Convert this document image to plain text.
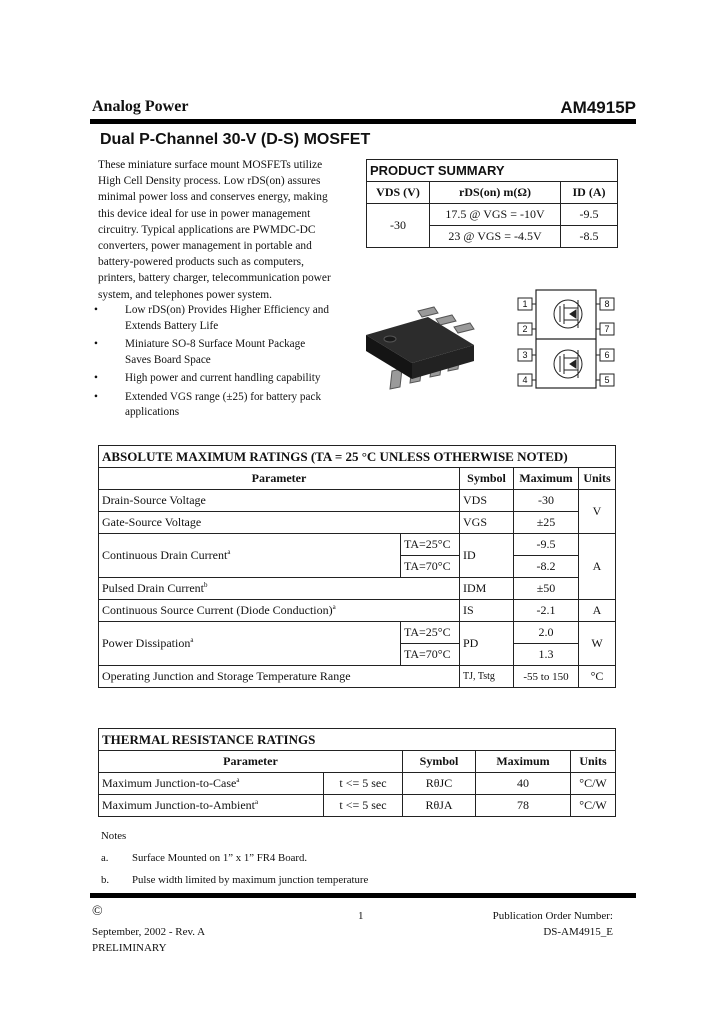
Analog Power	AM4915P
Dual P-Channel 30-V (D-S) MOSFET
These miniature surface mount MOSFETs utilize
High Cell Density process. Low rDS(on) assures
minimal power loss and conserves energy, making
this device ideal for use in power management
circuitry. Typical applications are PWMDC-DC
converters, power management in portable and
battery-powered products such as computers,
printers, battery charger, telecommunication power
system, and telephones power system.
• Low rDS(on) Provides Higher Efficiency and
Extends Battery Life
• Miniature SO-8 Surface Mount Package
Saves Board Space
• High power and current handling capability
• Extended VGS range (±25) for battery pack
applications
PRODUCT SUMMARY		
VDS (V)	rDS(on) m(Ω)	ID (A)
-30	17.5 @ VGS = -10V	-9.5
	23 @ VGS = -4.5V	-8.5
1
2
3
4
8
7
6
5
ABSOLUTE MAXIMUM RATINGS (TA = 25 °C UNLESS OTHERWISE NOTED)				
Parameter		Symbol	Maximum	Units
Drain-Source Voltage		VDS	-30	V
Gate-Source Voltage		VGS	±25	
Continuous Drain Current$^a$	TA=25°C	ID	-9.5	A
	TA=70°C		-8.2	
Pulsed Drain Current$^b$		IDM	±50	
Continuous Source Current (Diode Conduction)$^a$		IS	-2.1	A
Power Dissipation$^a$	TA=25°C	PD	2.0	W
	TA=70°C		1.3	
Operating Junction and Storage Temperature Range		TJ, Tstg	-55 to 150	°C
THERMAL RESISTANCE RATINGS				
Parameter		Symbol	Maximum	Units
Maximum Junction-to-Case$^a$	t <= 5 sec	RθJC	40	°C/W
Maximum Junction-to-Ambient$^a$	t <= 5 sec	RθJA	78	°C/W
Notes
a. Surface Mounted on 1” x 1” FR4 Board.
b. Pulse width limited by maximum junction temperature
©
September, 2002 - Rev. A
PRELIMINARY
1	Publication Order Number:
DS-AM4915_E
